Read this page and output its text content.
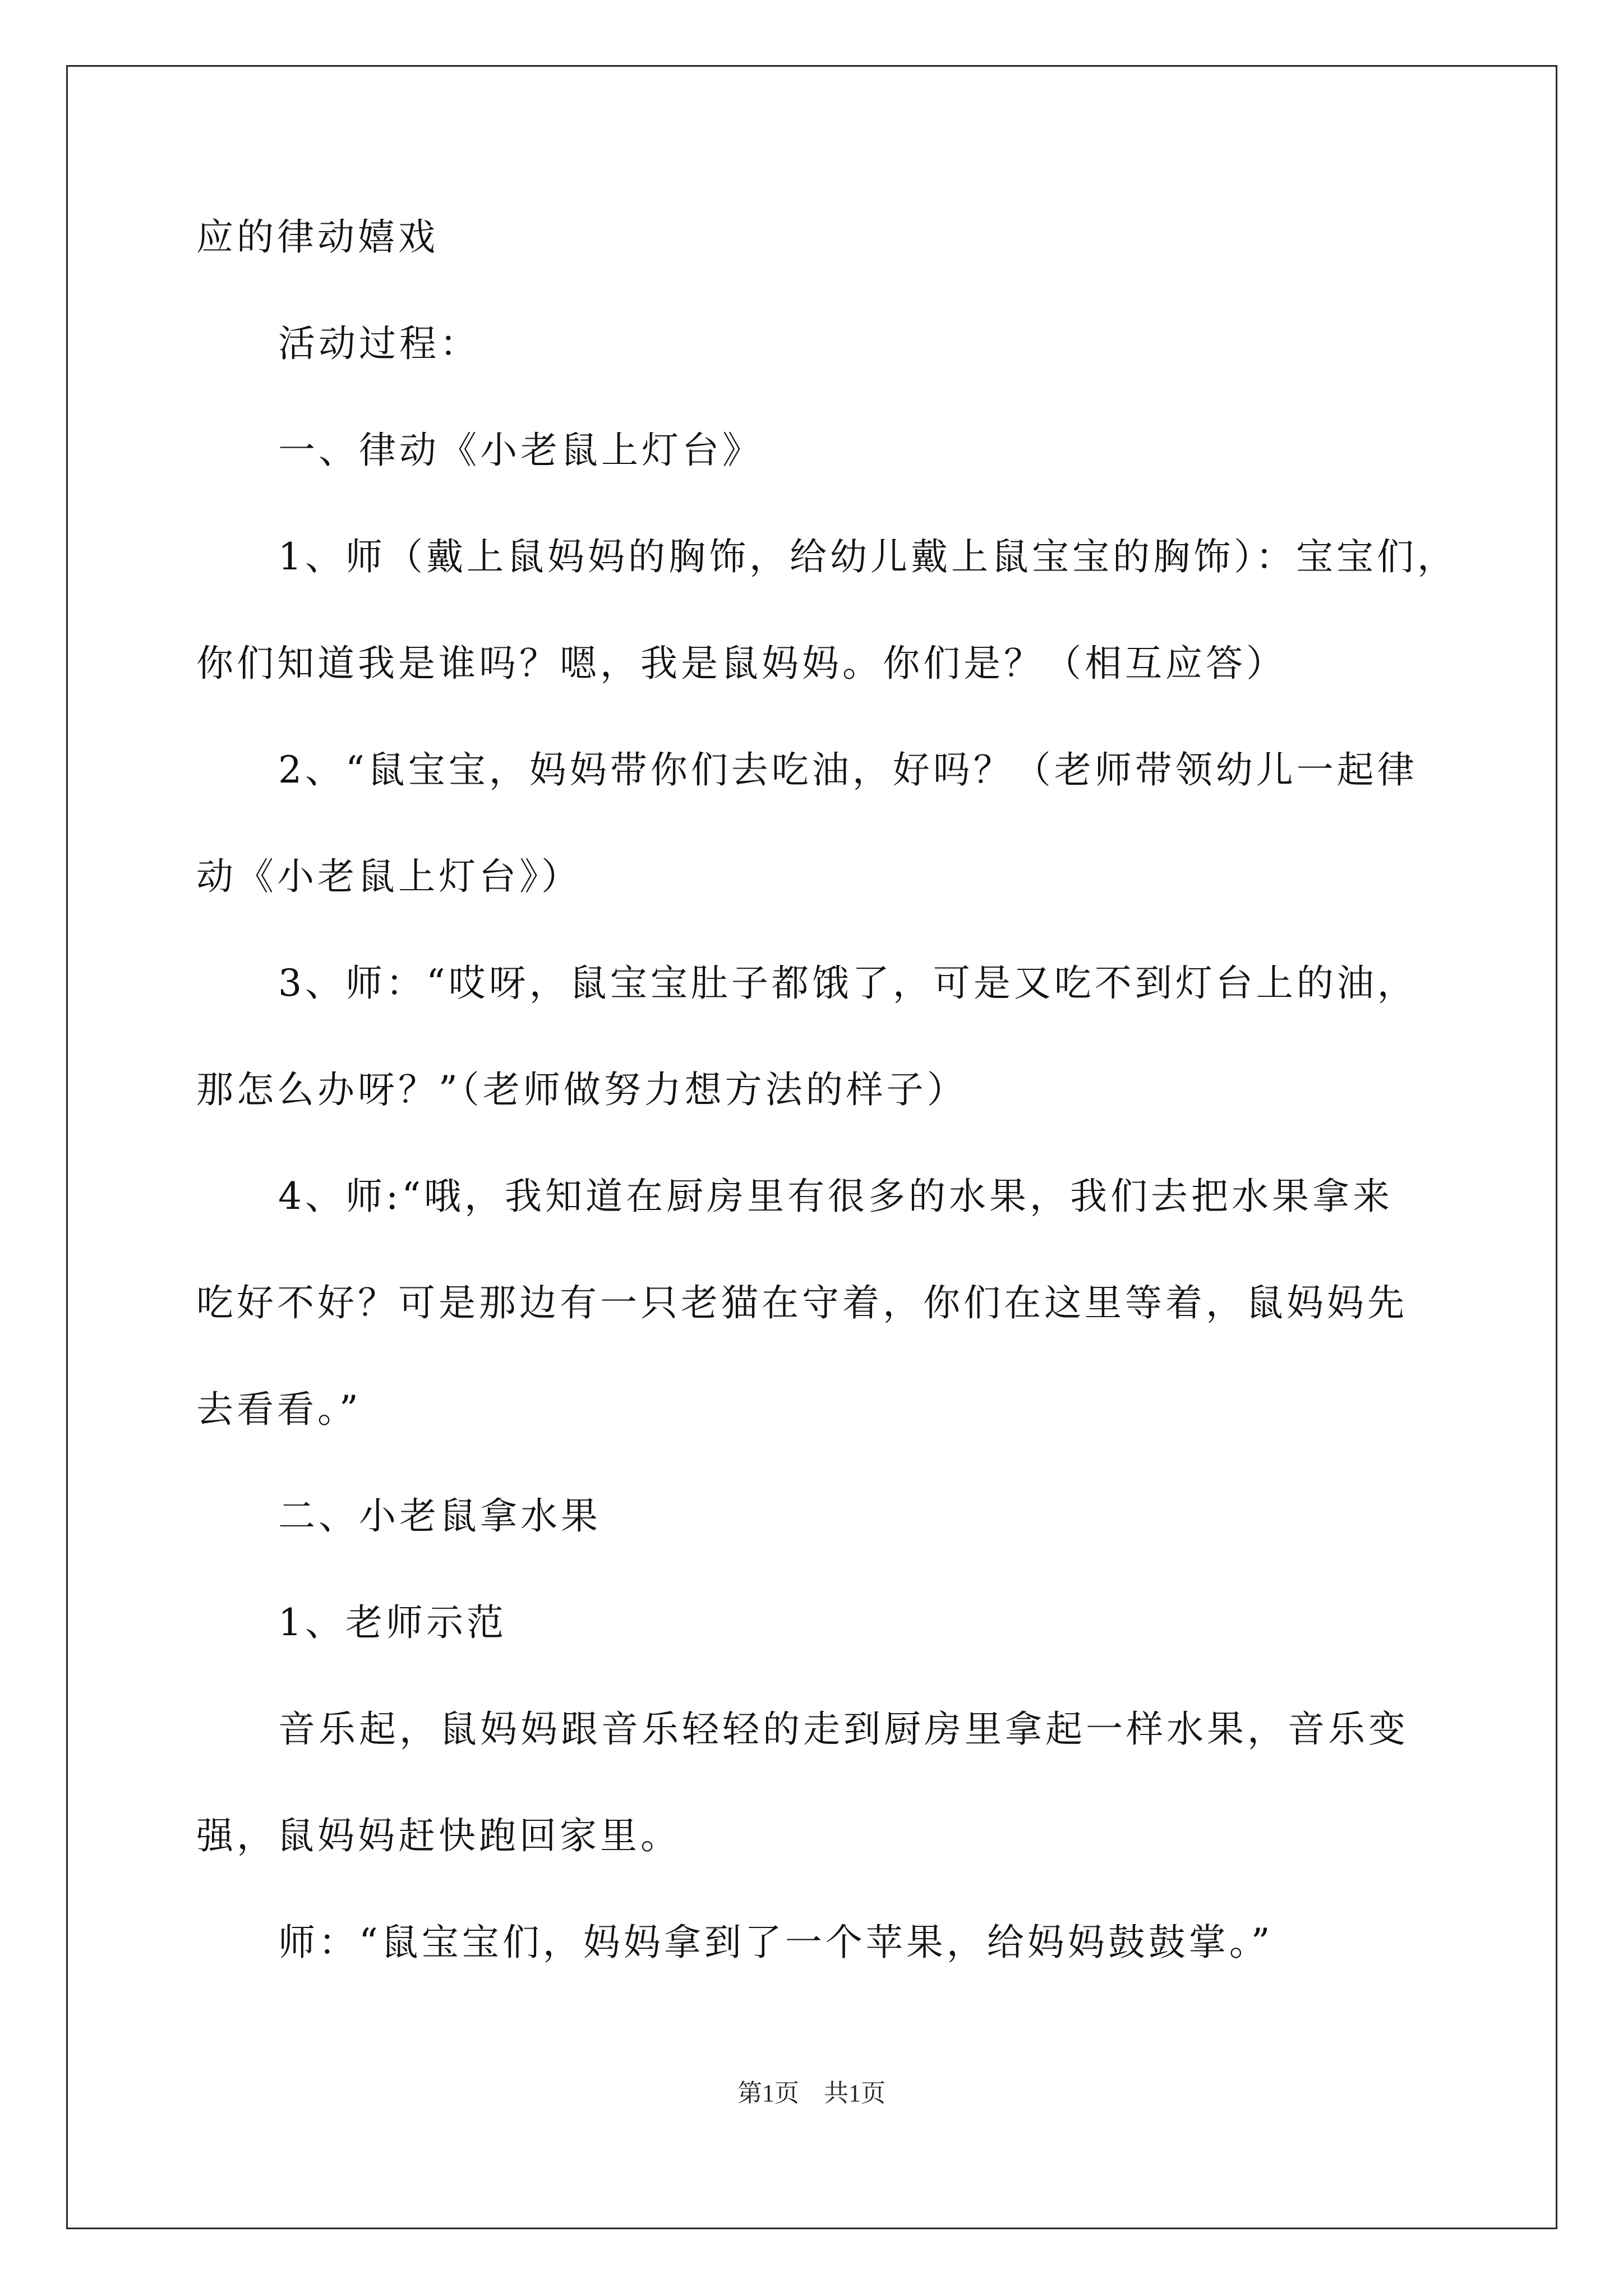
应的律动嬉戏
活动过程：
一、律动《小老鼠上灯台》
1、师（戴上鼠妈妈的胸饰，给幼儿戴上鼠宝宝的胸饰）：宝宝们，
你们知道我是谁吗？嗯，我是鼠妈妈。你们是？（相互应答）
2、“鼠宝宝，妈妈带你们去吃油，好吗？（老师带领幼儿一起律
动《小老鼠上灯台》）
3、师：“哎呀，鼠宝宝肚子都饿了，可是又吃不到灯台上的油，
那怎么办呀？”（老师做努力想方法的样子）
4、师:“哦，我知道在厨房里有很多的水果，我们去把水果拿来
吃好不好？可是那边有一只老猫在守着，你们在这里等着，鼠妈妈先
去看看。”
二、小老鼠拿水果
1、老师示范
音乐起，鼠妈妈跟音乐轻轻的走到厨房里拿起一样水果，音乐变
强，鼠妈妈赶快跑回家里。
师：“鼠宝宝们，妈妈拿到了一个苹果，给妈妈鼓鼓掌。”
第1页　共1页
